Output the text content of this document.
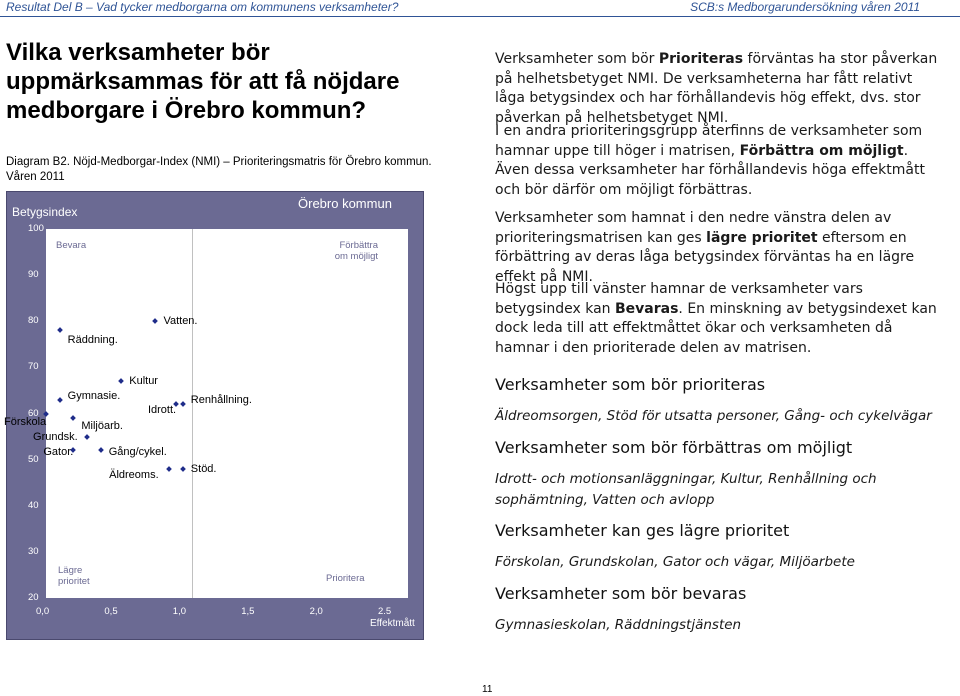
Resultat Del B – Vad tycker medborgarna om kommunens verksamheter?	SCB:s Medborgarundersökning våren 2011
Vilka verksamheter bör uppmärksammas för att få nöjdare medborgare i Örebro kommun?
Diagram B2. Nöjd-Medborgar-Index (NMI) – Prioriteringsmatris för Örebro kommun.
Våren 2011
Örebro kommun
Betygsindex
Bevara	Förbättra om möjligt
Lägre prioritet	Prioritera
Effektmått
100
90
80
70
60
50
40
30
20
0,0	0,5	1,0	1,5	2,0	2.5
Vatten.
Räddning.
Kultur
Gymnasie.
Idrott.
Renhållning.
Förskola	Miljöarb.
Grundsk.
Gator.	Gång/cykel.
Äldreoms.	Stöd.
Verksamheter som bör Prioriteras förväntas ha stor påverkan på helhetsbetyget NMI. De verksamheterna har fått relativt låga betygsindex och har förhållandevis hög effekt, dvs. stor påverkan på helhetsbetyget NMI.
I en andra prioriteringsgrupp återfinns de verksamheter som hamnar uppe till höger i matrisen, Förbättra om möjligt. Även dessa verksamheter har förhållandevis höga effektmått och bör därför om möjligt förbättras.
Verksamheter som hamnat i den nedre vänstra delen av prioriteringsmatrisen kan ges lägre prioritet eftersom en förbättring av deras låga betygsindex förväntas ha en lägre effekt på NMI.
Högst upp till vänster hamnar de verksamheter vars betygsindex kan Bevaras. En minskning av betygsindexet kan dock leda till att effektmåttet ökar och verksamheten då hamnar i den prioriterade delen av matrisen.
Verksamheter som bör prioriteras
Äldreomsorgen, Stöd för utsatta personer, Gång- och cykelvägar
Verksamheter som bör förbättras om möjligt
Idrott- och motionsanläggningar, Kultur, Renhållning och sophämtning, Vatten och avlopp
Verksamheter kan ges lägre prioritet
Förskolan, Grundskolan, Gator och vägar, Miljöarbete
Verksamheter som bör bevaras
Gymnasieskolan, Räddningstjänsten
11
